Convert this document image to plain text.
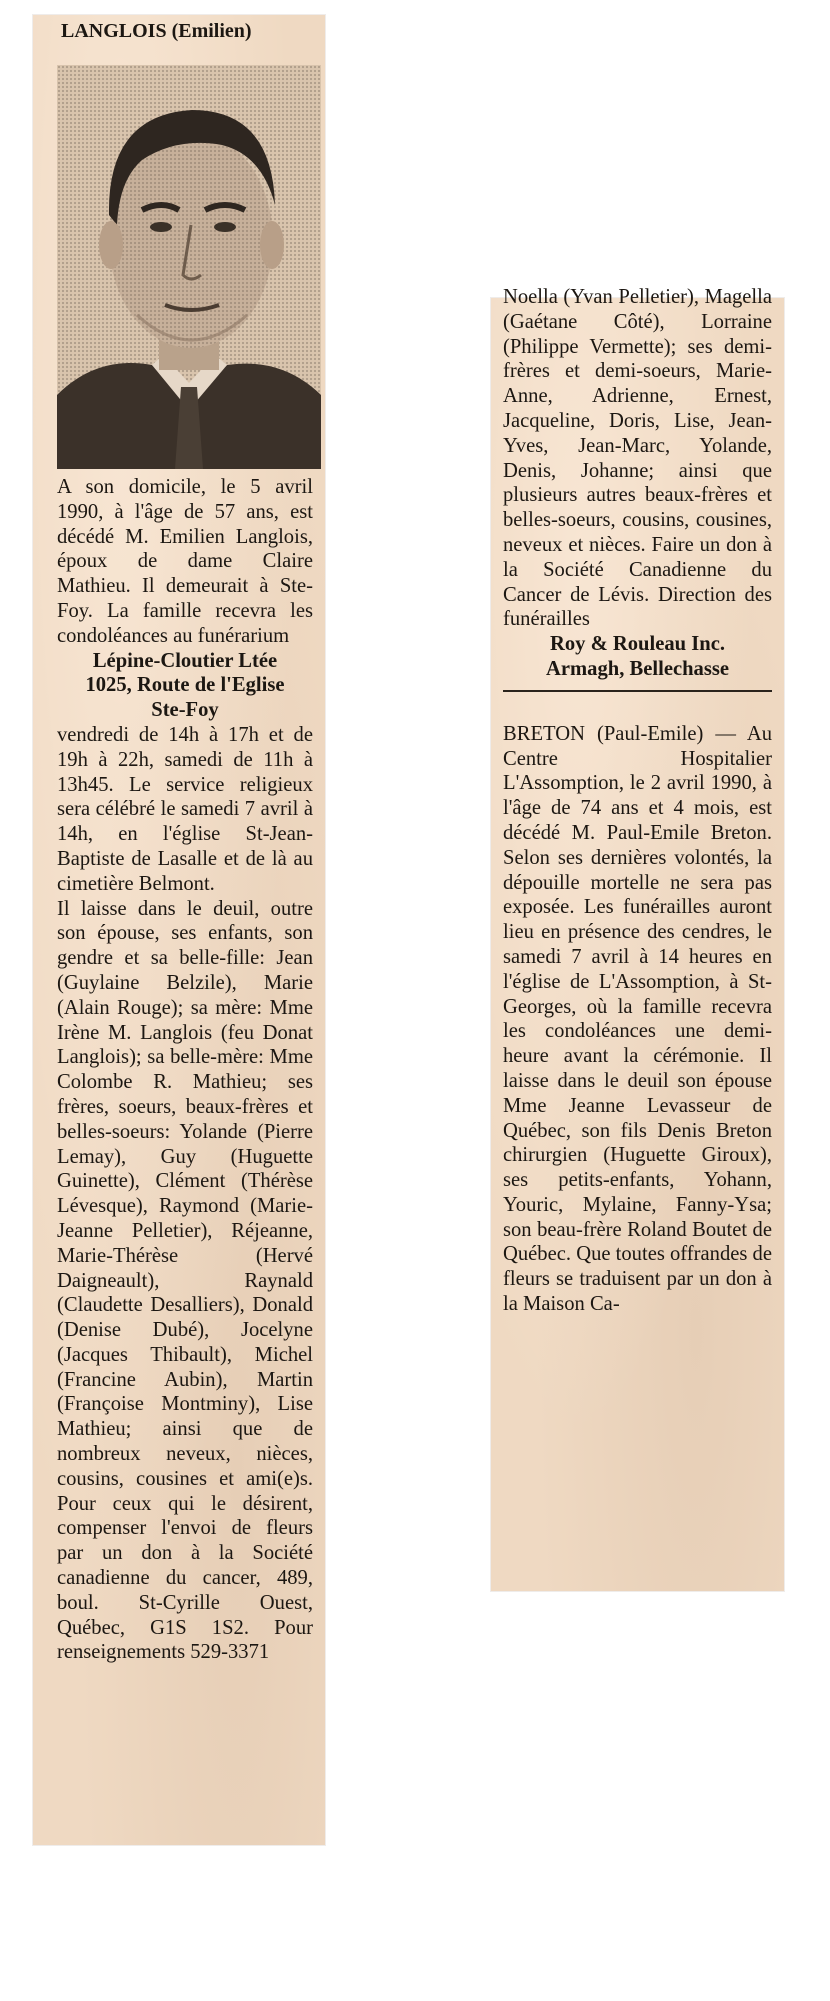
LANGLOIS (Emilien)

A son domicile, le 5 avril 1990, à l'âge de 57 ans, est décédé M. Emilien Langlois, époux de dame Claire Mathieu. Il demeurait à Ste-Foy. La famille recevra les condoléances au funérarium

Lépine-Cloutier Ltée
1025, Route de l'Eglise
Ste-Foy

vendredi de 14h à 17h et de 19h à 22h, samedi de 11h à 13h45. Le service religieux sera célébré le samedi 7 avril à 14h, en l'église St-Jean-Baptiste de Lasalle et de là au cimetière Belmont.

Il laisse dans le deuil, outre son épouse, ses enfants, son gendre et sa belle-fille: Jean (Guylaine Belzile), Marie (Alain Rouge); sa mère: Mme Irène M. Langlois (feu Donat Langlois); sa belle-mère: Mme Colombe R. Mathieu; ses frères, soeurs, beaux-frères et belles-soeurs: Yolande (Pierre Lemay), Guy (Huguette Guinette), Clément (Thérèse Lévesque), Raymond (Marie-Jeanne Pelletier), Réjeanne, Marie-Thérèse (Hervé Daigneault), Raynald (Claudette Desalliers), Donald (Denise Dubé), Jocelyne (Jacques Thibault), Michel (Francine Aubin), Martin (Françoise Montminy), Lise Mathieu; ainsi que de nombreux neveux, nièces, cousins, cousines et ami(e)s. Pour ceux qui le désirent, compenser l'envoi de fleurs par un don à la Société canadienne du cancer, 489, boul. St-Cyrille Ouest, Québec, G1S 1S2. Pour renseignements 529-3371

Noella (Yvan Pelletier), Magella (Gaétane Côté), Lorraine (Philippe Vermette); ses demi-frères et demi-soeurs, Marie-Anne, Adrienne, Ernest, Jacqueline, Doris, Lise, Jean-Yves, Jean-Marc, Yolande, Denis, Johanne; ainsi que plusieurs autres beaux-frères et belles-soeurs, cousins, cousines, neveux et nièces. Faire un don à la Société Canadienne du Cancer de Lévis. Direction des funérailles

Roy & Rouleau Inc.
Armagh, Bellechasse

BRETON (Paul-Emile) — Au Centre Hospitalier L'Assomption, le 2 avril 1990, à l'âge de 74 ans et 4 mois, est décédé M. Paul-Emile Breton. Selon ses dernières volontés, la dépouille mortelle ne sera pas exposée. Les funérailles auront lieu en présence des cendres, le samedi 7 avril à 14 heures en l'église de L'Assomption, à St-Georges, où la famille recevra les condoléances une demi-heure avant la cérémonie. Il laisse dans le deuil son épouse Mme Jeanne Levasseur de Québec, son fils Denis Breton chirurgien (Huguette Giroux), ses petits-enfants, Yohann, Youric, Mylaine, Fanny-Ysa; son beau-frère Roland Boutet de Québec. Que toutes offrandes de fleurs se traduisent par un don à la Maison Ca-
